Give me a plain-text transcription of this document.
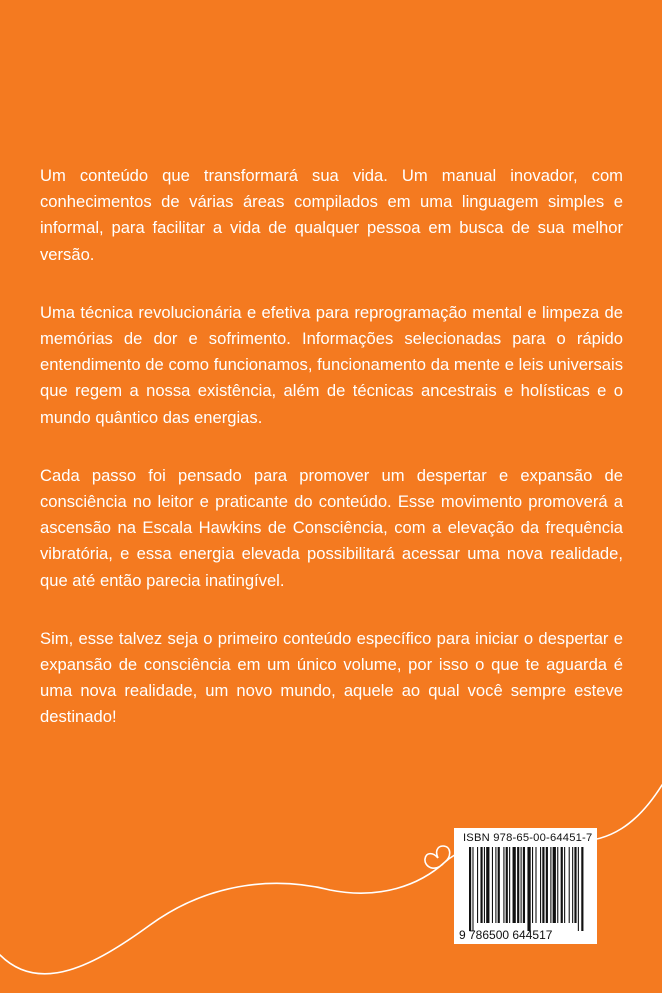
Um conteúdo que transformará sua vida. Um manual inovador, com conhecimentos de várias áreas compilados em uma linguagem simples e informal, para facilitar a vida de qualquer pessoa em busca de sua melhor versão.

Uma técnica revolucionária e efetiva para reprogramação mental e limpeza de memórias de dor e sofrimento. Informações selecionadas para o rápido entendimento de como funcionamos, funcionamento da mente e leis universais que regem a nossa existência, além de técnicas ancestrais e holísticas e o mundo quântico das energias.

Cada passo foi pensado para promover um despertar e expansão de consciência no leitor e praticante do conteúdo. Esse movimento promoverá a ascensão na Escala Hawkins de Consciência, com a elevação da frequência vibratória, e essa energia elevada possibilitará acessar uma nova realidade, que até então parecia inatingível.

Sim, esse talvez seja o primeiro conteúdo específico para iniciar o despertar e expansão de consciência em um único volume, por isso o que te aguarda é uma nova realidade, um novo mundo, aquele ao qual você sempre esteve destinado!

ISBN 978-65-00-64451-7
9 786500 644517
